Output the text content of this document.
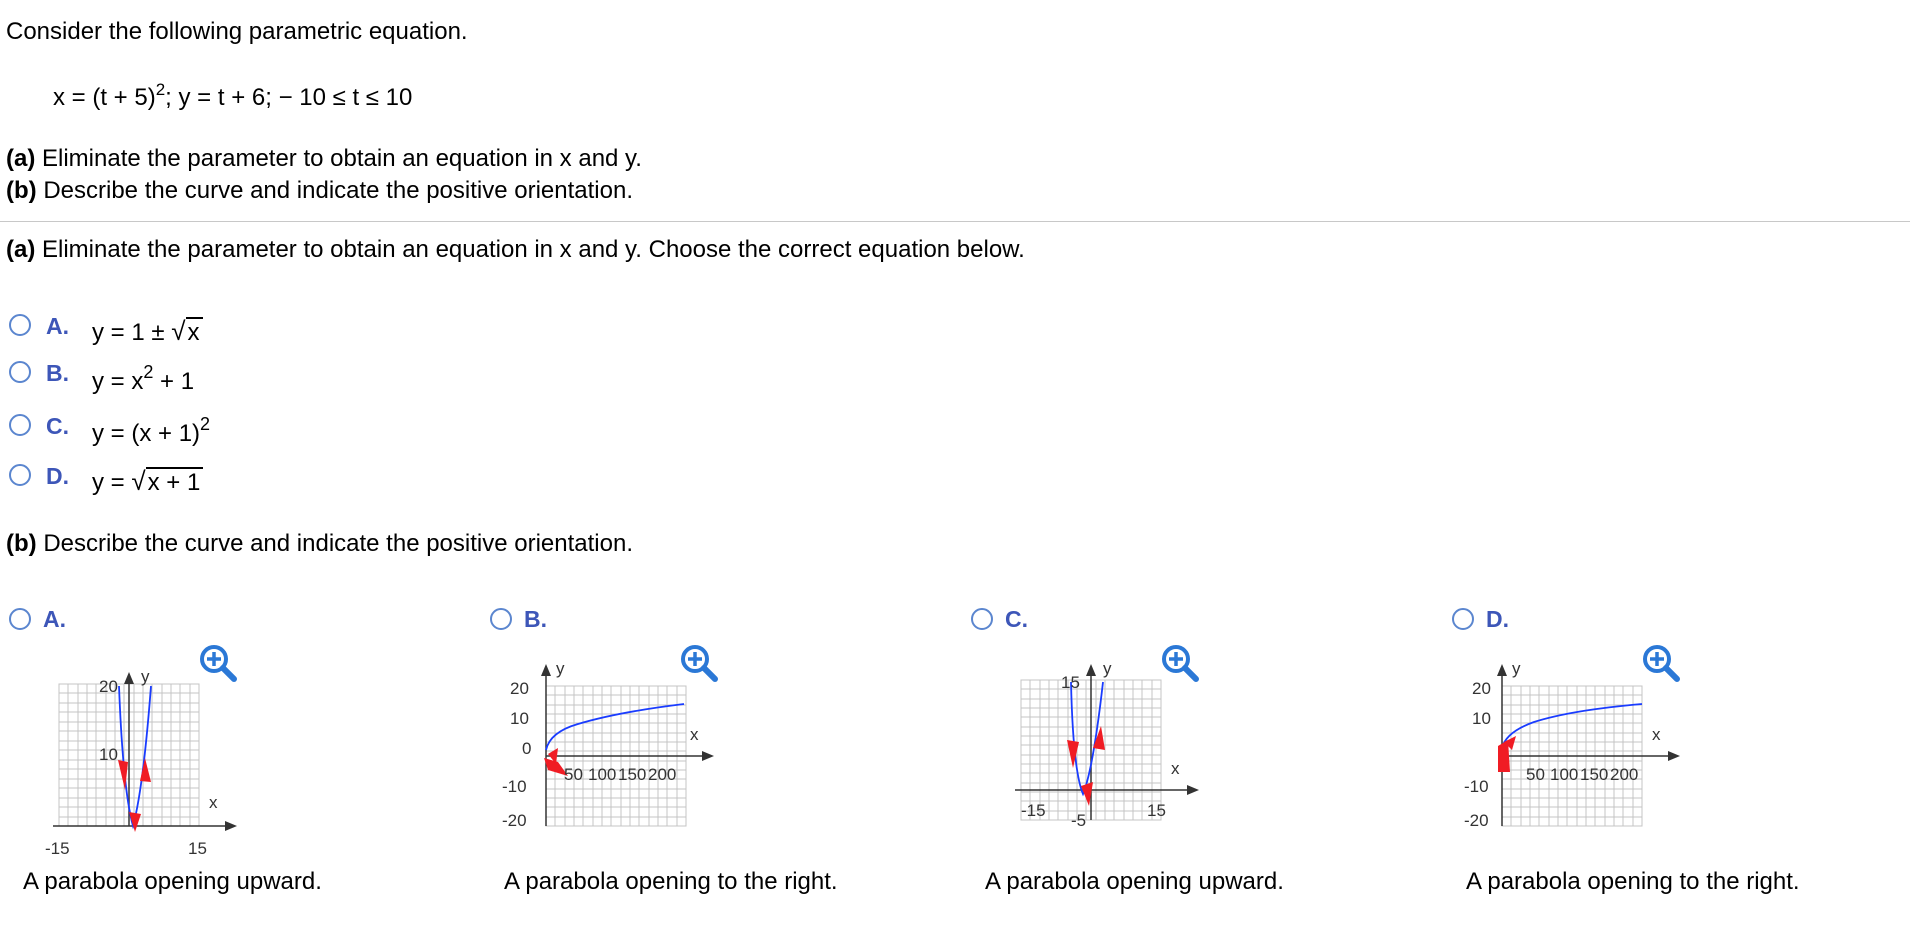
Consider the following parametric equation.
$x = (t + 5)^2$; y = t + 6; − 10 ≤ t ≤ 10
(a) Eliminate the parameter to obtain an equation in x and y.
(b) Describe the curve and indicate the positive orientation.
(a) Eliminate the parameter to obtain an equation in x and y. Choose the correct equation below.
A. y = 1 ± √x
B. $y = x^2 + 1$
C. $y = (x + 1)^2$
D. y = √x + 1
(b) Describe the curve and indicate the positive orientation.
A.
20
10
-15	15
x
y
A parabola opening upward.
B.
20
10
0
-10
-20
50 100 150 200
x
y
A parabola opening to the right.
C.
15
-15	15
-5
x
y
A parabola opening upward.
D.
20
10
-10
-20
50 100 150 200
x
y
A parabola opening to the right.
